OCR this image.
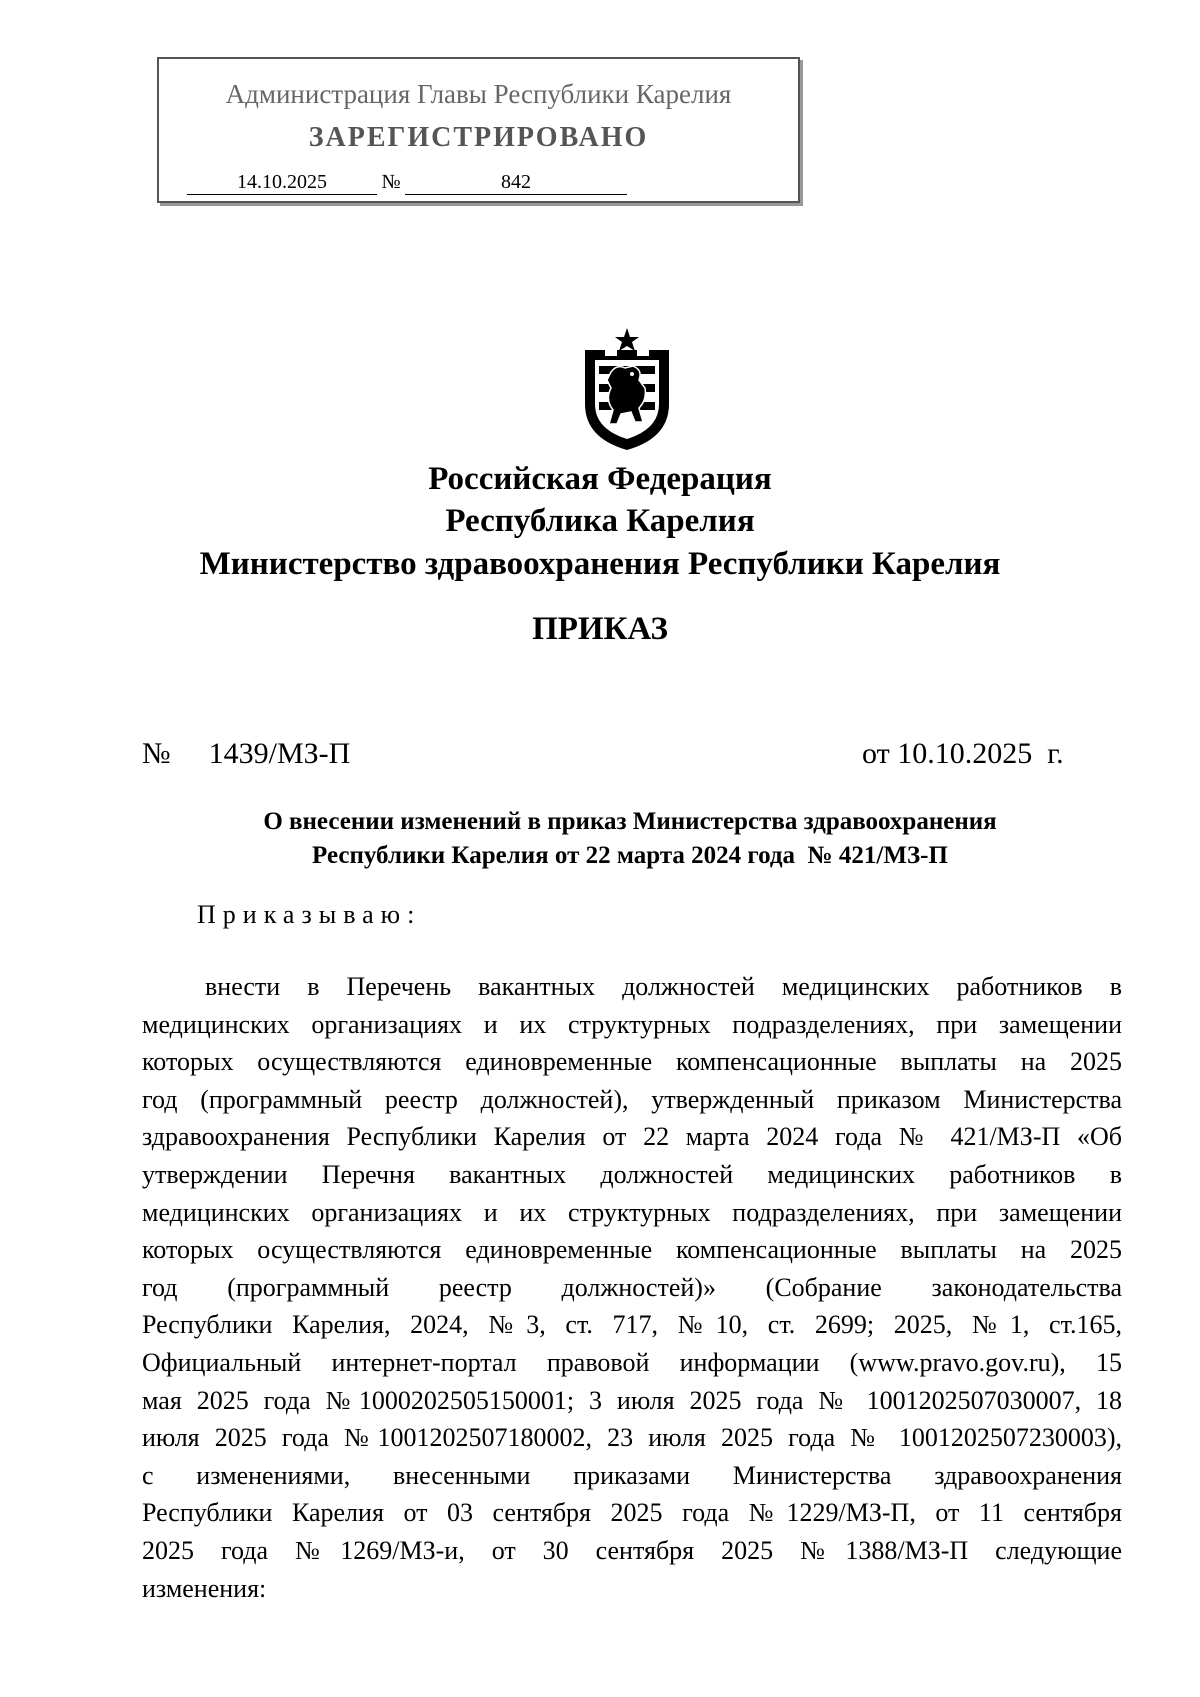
Администрация Главы Республики Карелия
ЗАРЕГИСТРИРОВАНО
14.10.2025	№	842
Российская Федерация
Республика Карелия
Министерство здравоохранения Республики Карелия
ПРИКАЗ
№ 1439/МЗ-П	от 10.10.2025  г.
О внесении изменений в приказ Министерства здравоохранения
Республики Карелия от 22 марта 2024 года  № 421/МЗ-П
Приказываю:
внести в Перечень вакантных должностей медицинских работников в
медицинских организациях и их структурных подразделениях, при замещении
которых осуществляются единовременные компенсационные выплаты на 2025
год (программный реестр должностей), утвержденный приказом Министерства
здравоохранения Республики Карелия от 22 марта 2024 года № 421/МЗ-П «Об
утверждении Перечня вакантных должностей медицинских работников в
медицинских организациях и их структурных подразделениях, при замещении
которых осуществляются единовременные компенсационные выплаты на 2025
год (программный реестр должностей)» (Собрание законодательства
Республики Карелия, 2024, №3, ст. 717, №10, ст. 2699; 2025, №1, ст.165,
Официальный интернет-портал правовой информации (www.pravo.gov.ru), 15
мая 2025 года №1000202505150001; 3 июля 2025 года № 1001202507030007, 18
июля 2025 года №1001202507180002, 23 июля 2025 года № 1001202507230003),
с изменениями, внесенными приказами Министерства здравоохранения
Республики Карелия от 03 сентября 2025 года №1229/МЗ-П, от 11 сентября
2025 года №1269/МЗ-и, от 30 сентября 2025 №1388/МЗ-П следующие
изменения:
